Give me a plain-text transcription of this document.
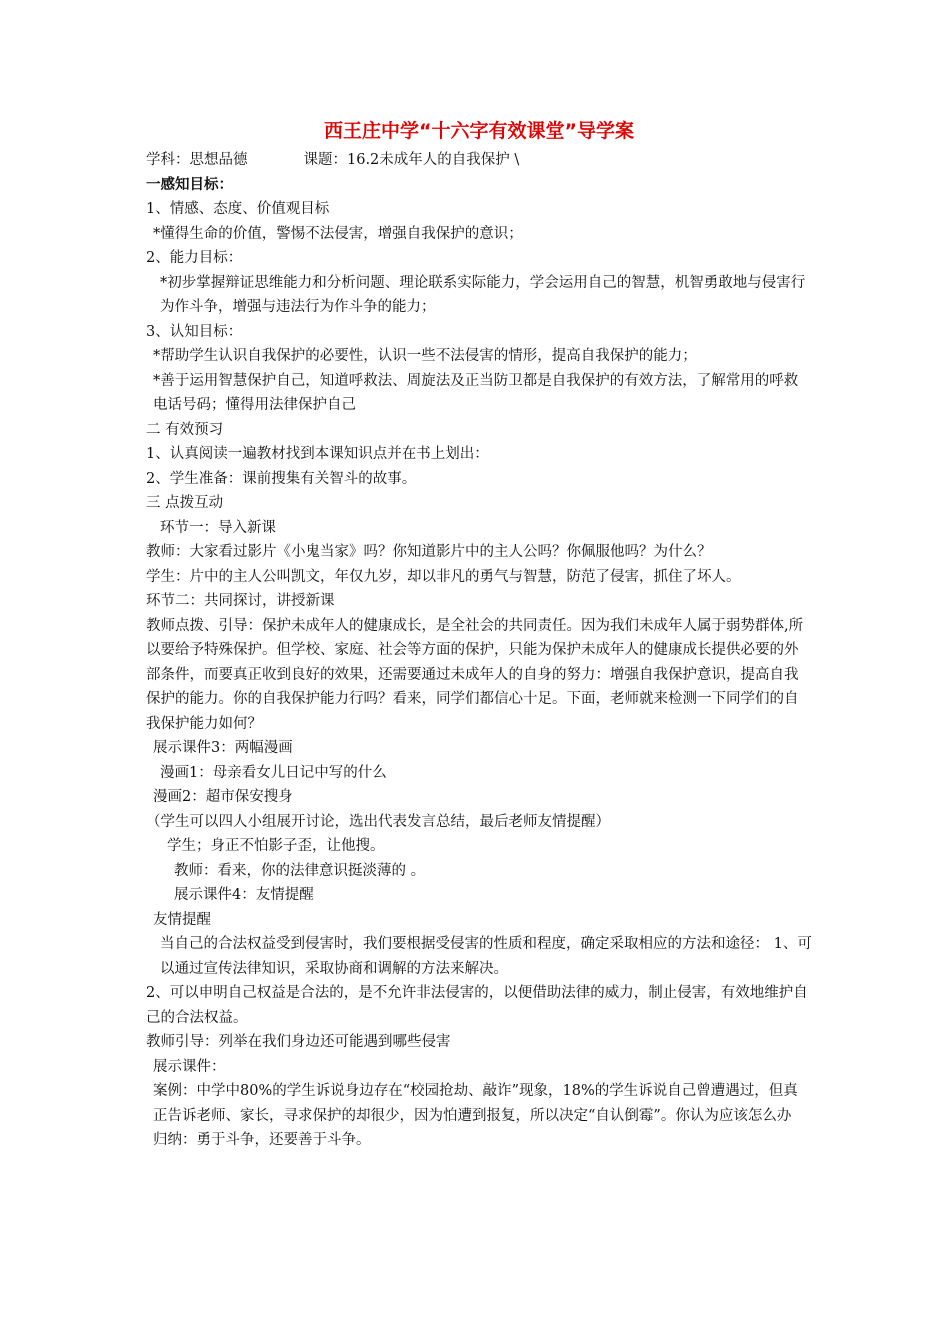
西王庄中学“十六字有效课堂”导学案

学科：思想品德	课题：16.2未成年人的自我保护 \

一感知目标：

1、情感、态度、价值观目标

*懂得生命的价值，警惕不法侵害，增强自我保护的意识；

2、能力目标：

*初步掌握辩证思维能力和分析问题、理论联系实际能力，学会运用自己的智慧，机智勇敢地与侵害行为作斗争，增强与违法行为作斗争的能力；

3、认知目标：

*帮助学生认识自我保护的必要性，认识一些不法侵害的情形，提高自我保护的能力；

*善于运用智慧保护自己，知道呼救法、周旋法及正当防卫都是自我保护的有效方法，了解常用的呼救电话号码；懂得用法律保护自己

二 有效预习

1、认真阅读一遍教材找到本课知识点并在书上划出：

2、学生准备：课前搜集有关智斗的故事。

三 点拨互动

环节一：导入新课

教师：大家看过影片《小鬼当家》吗？你知道影片中的主人公吗？你佩服他吗？为什么？

学生：片中的主人公叫凯文，年仅九岁，却以非凡的勇气与智慧，防范了侵害，抓住了坏人。

环节二：共同探讨，讲授新课

教师点拨、引导：保护未成年人的健康成长，是全社会的共同责任。因为我们未成年人属于弱势群体,所以要给予特殊保护。但学校、家庭、社会等方面的保护，只能为保护未成年人的健康成长提供必要的外部条件，而要真正收到良好的效果，还需要通过未成年人的自身的努力：增强自我保护意识，提高自我保护的能力。你的自我保护能力行吗？看来，同学们都信心十足。下面，老师就来检测一下同学们的自我保护能力如何？

展示课件3：两幅漫画

漫画1：母亲看女儿日记中写的什么

漫画2：超市保安搜身

（学生可以四人小组展开讨论，选出代表发言总结，最后老师友情提醒）

学生；身正不怕影子歪，让他搜。

教师：看来，你的法律意识挺淡薄的 。

展示课件4：友情提醒

友情提醒

当自己的合法权益受到侵害时，我们要根据受侵害的性质和程度，确定采取相应的方法和途径： 1、可以通过宣传法律知识，采取协商和调解的方法来解决。

2、可以申明自己权益是合法的，是不允许非法侵害的，以便借助法律的威力，制止侵害，有效地维护自己的合法权益。

教师引导：列举在我们身边还可能遇到哪些侵害

展示课件：

案例：中学中80%的学生诉说身边存在“校园抢劫、敲诈”现象，18%的学生诉说自己曾遭遇过，但真正告诉老师、家长，寻求保护的却很少，因为怕遭到报复，所以决定“自认倒霉”。你认为应该怎么办

归纳：勇于斗争，还要善于斗争。
